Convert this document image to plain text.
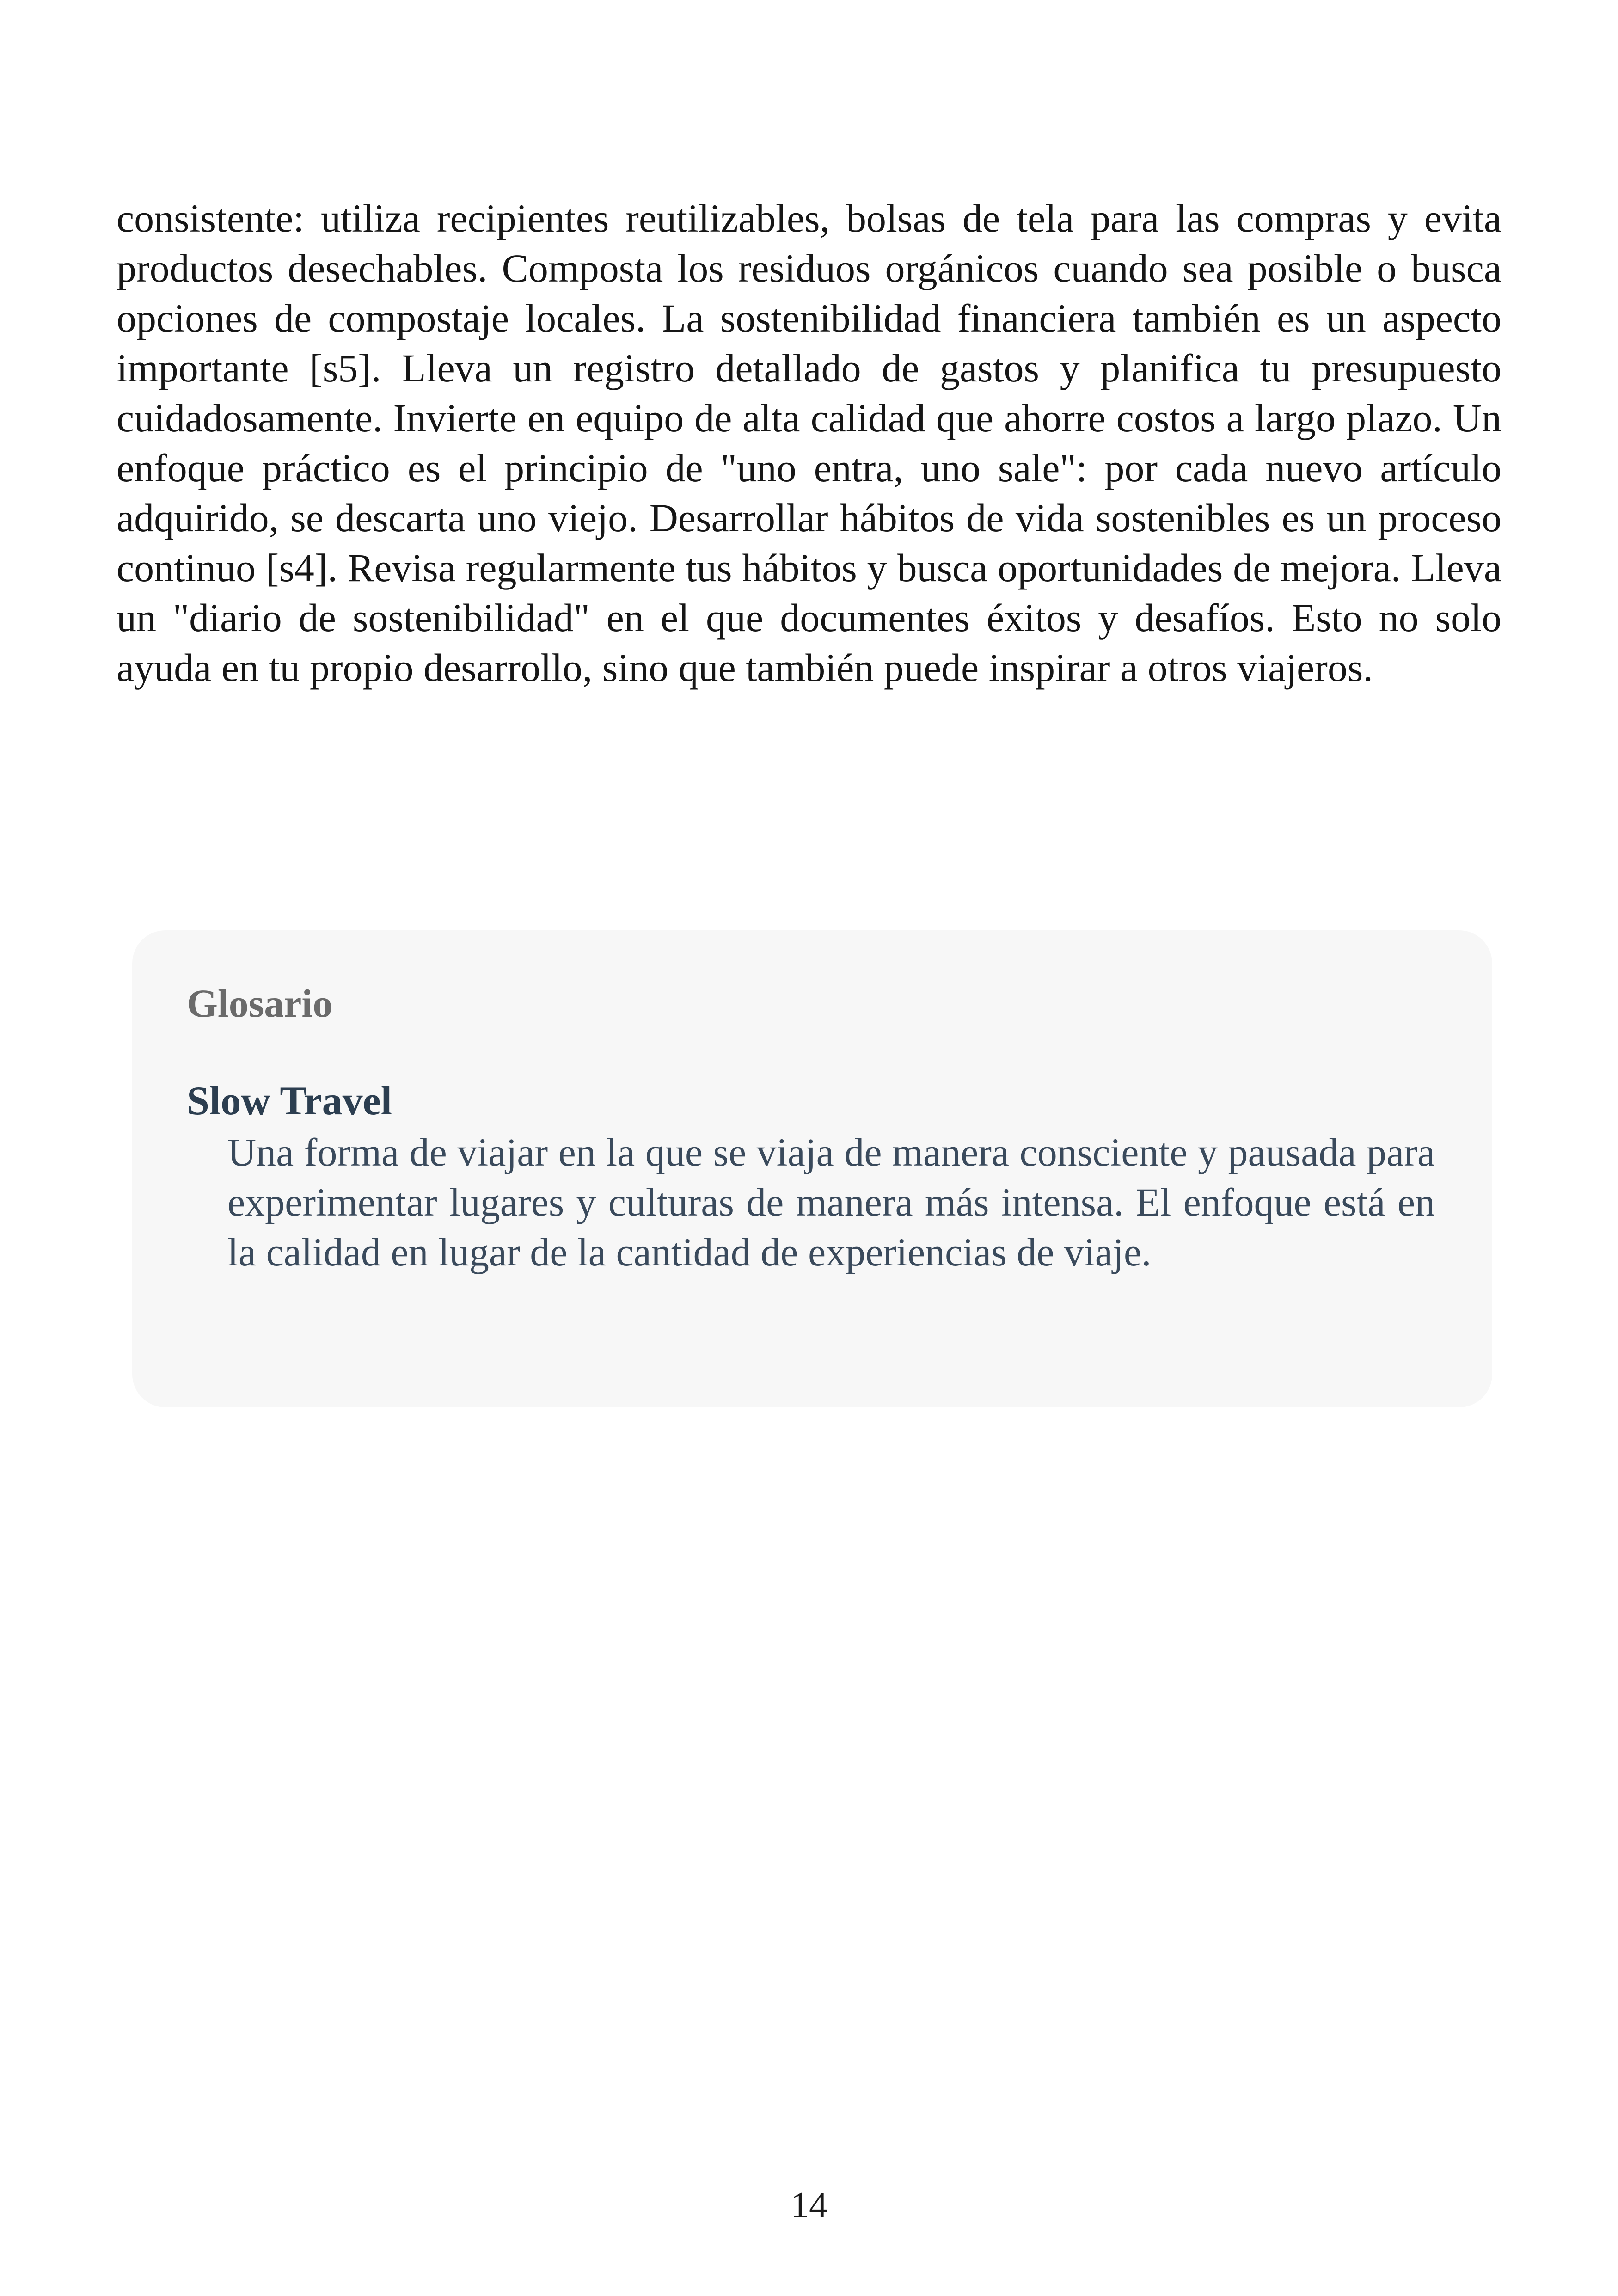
consistente: utiliza recipientes reutilizables, bolsas de tela para las compras y evita productos desechables. Composta los residuos orgánicos cuando sea posible o busca opciones de compostaje locales. La sostenibilidad financiera también es un aspecto importante [s5]. Lleva un registro detallado de gastos y planifica tu presupuesto cuidadosamente. Invierte en equipo de alta calidad que ahorre costos a largo plazo. Un enfoque práctico es el principio de "uno entra, uno sale": por cada nuevo artículo adquirido, se descarta uno viejo. Desarrollar hábitos de vida sostenibles es un proceso continuo [s4]. Revisa regularmente tus hábitos y busca oportunidades de mejora. Lleva un "diario de sostenibilidad" en el que documentes éxitos y desafíos. Esto no solo ayuda en tu propio desarrollo, sino que también puede inspirar a otros viajeros.

Glosario
Slow Travel

Una forma de viajar en la que se viaja de manera consciente y pausada para experimentar lugares y culturas de manera más intensa. El enfoque está en la calidad en lugar de la cantidad de experiencias de viaje.

14
